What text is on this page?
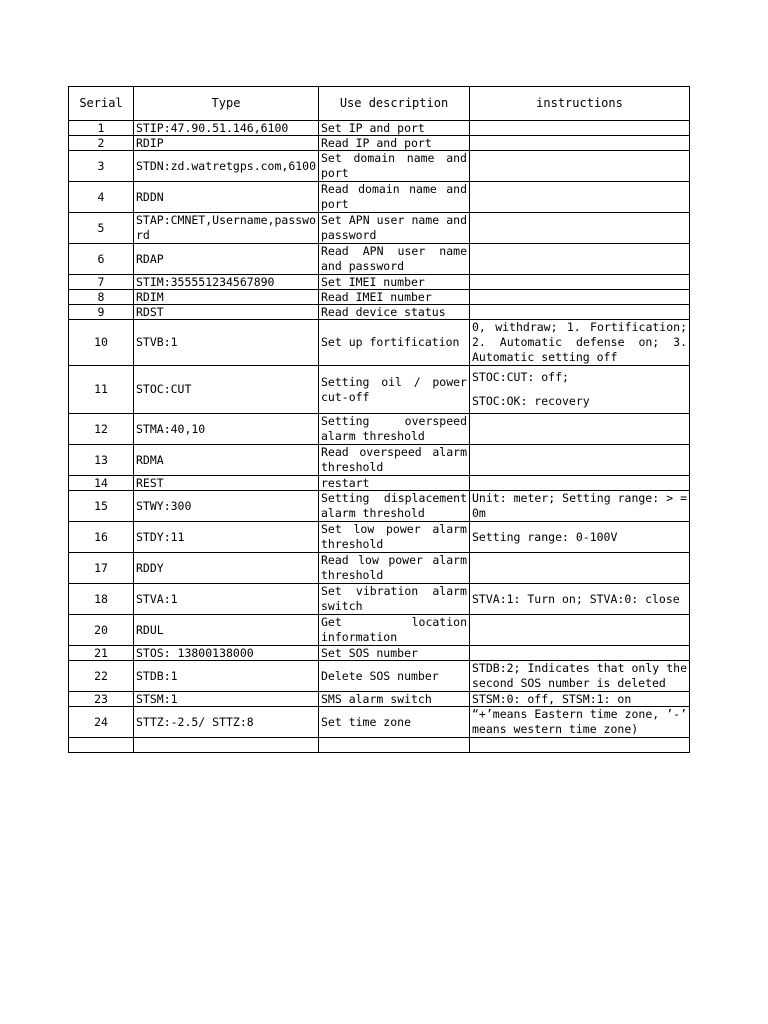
Serial	Type	Use description	instructions
1	STIP:47.90.51.146,6100	Set IP and port	
2	RDIP	Read IP and port	
3	STDN:zd.watretgps.com,6100	Set domain name and port	
4	RDDN	Read domain name and port	
5	STAP:CMNET,Username,password	Set APN user name and password	
6	RDAP	Read APN user name and password	
7	STIM:355551234567890	Set IMEI number	
8	RDIM	Read IMEI number	
9	RDST	Read device status	
10	STVB:1	Set up fortification	0, withdraw; 1. Fortification; 2. Automatic defense on; 3. Automatic setting off
11	STOC:CUT	Setting oil / power cut-off	STOC:CUT: off;
STOC:OK: recovery

12	STMA:40,10	Setting overspeed alarm threshold	
13	RDMA	Read overspeed alarm threshold	
14	REST	restart	
15	STWY:300	Setting displacement alarm threshold	Unit: meter; Setting range: > = 0m
16	STDY:11	Set low power alarm threshold	Setting range: 0-100V
17	RDDY	Read low power alarm threshold	
18	STVA:1	Set vibration alarm switch	STVA:1: Turn on; STVA:0: close
20	RDUL	Get location information	
21	STOS: 13800138000	Set SOS number	
22	STDB:1	Delete SOS number	STDB:2; Indicates that only the second SOS number is deleted
23	STSM:1	SMS alarm switch	STSM:0: off, STSM:1: on
24	STTZ:-2.5/ STTZ:8	Set time zone	“+’means Eastern time zone, ’-’ means western time zone)
